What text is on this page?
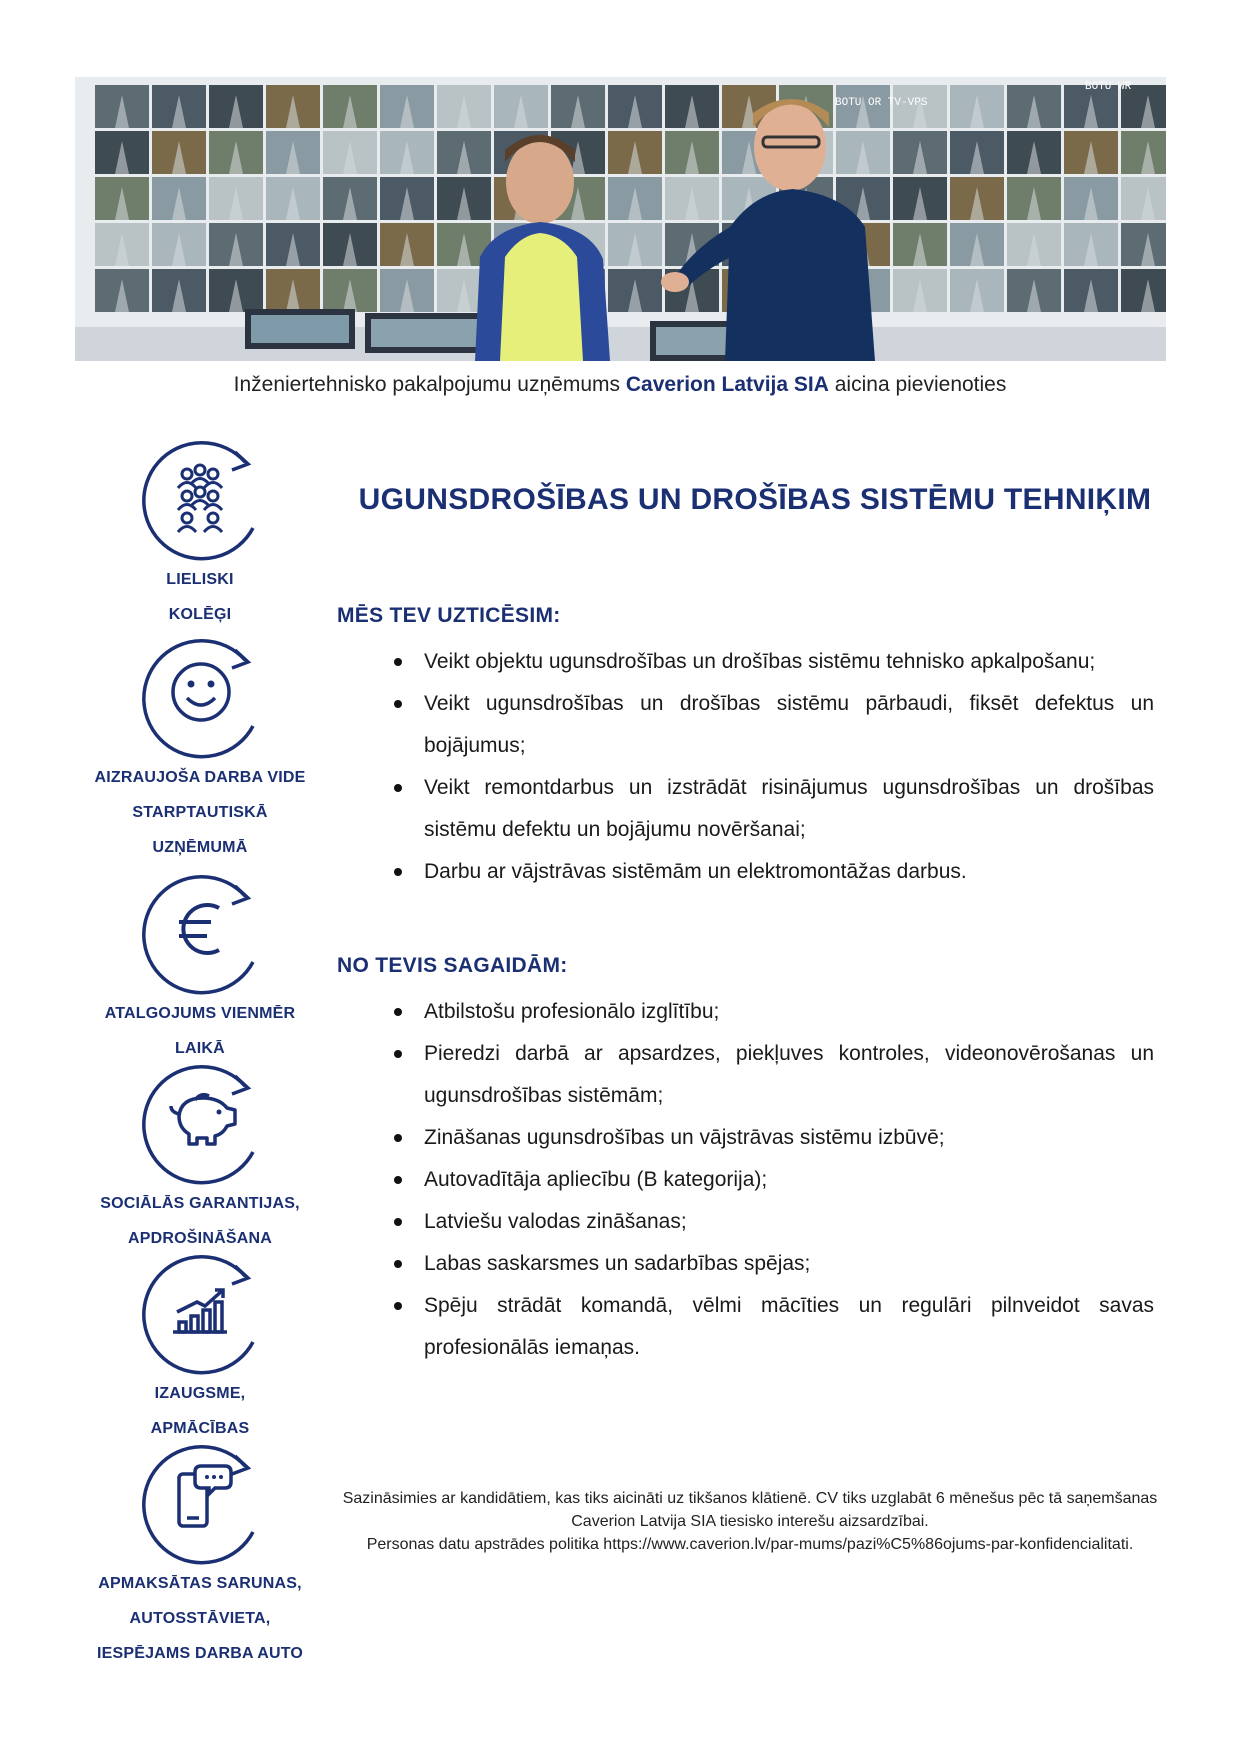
BOTU OR TV-VPS
BOTU WR
Inženiertehnisko pakalpojumu uzņēmums Caverion Latvija SIA aicina pievienoties
LIELISKI
KOLĒĢI
AIZRAUJOŠA DARBA VIDE
STARPTAUTISKĀ
UZŅĒMUMĀ
ATALGOJUMS VIENMĒR
LAIKĀ
SOCIĀLĀS GARANTIJAS,
APDROŠINĀŠANA
IZAUGSME,
APMĀCĪBAS
APMAKSĀTAS SARUNAS,
AUTOSSTĀVIETA,
IESPĒJAMS DARBA AUTO
UGUNSDROŠĪBAS UN DROŠĪBAS SISTĒMU TEHNIĶIM
MĒS TEV UZTICĒSIM:
Veikt objektu ugunsdrošības un drošības sistēmu tehnisko apkalpošanu;
Veikt ugunsdrošības un drošības sistēmu pārbaudi, fiksēt defektus un bojājumus;
Veikt remontdarbus un izstrādāt risinājumus ugunsdrošības un drošības sistēmu defektu un bojājumu novēršanai;
Darbu ar vājstrāvas sistēmām un elektromontāžas darbus.
NO TEVIS SAGAIDĀM:
Atbilstošu profesionālo izglītību;
Pieredzi darbā ar apsardzes, piekļuves kontroles, videonovērošanas un ugunsdrošības sistēmām;
Zināšanas ugunsdrošības un vājstrāvas sistēmu izbūvē;
Autovadītāja apliecību (B kategorija);
Latviešu valodas zināšanas;
Labas saskarsmes un sadarbības spējas;
Spēju strādāt komandā, vēlmi mācīties un regulāri pilnveidot savas profesionālās iemaņas.
Sazināsimies ar kandidātiem, kas tiks aicināti uz tikšanos klātienē. CV tiks uzglabāt 6 mēnešus pēc tā saņemšanas Caverion Latvija SIA tiesisko interešu aizsardzībai.
Personas datu apstrādes politika https://www.caverion.lv/par-mums/pazi%C5%86ojums-par-konfidencialitati.
